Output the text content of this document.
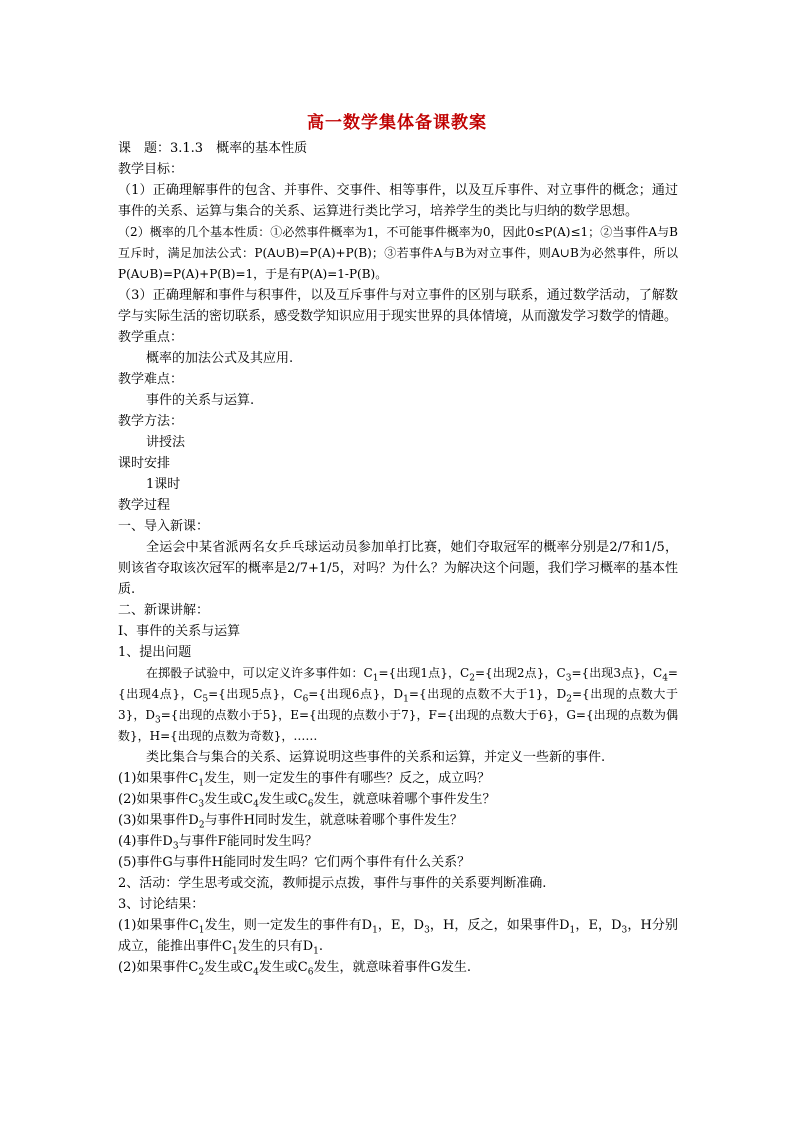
高一数学集体备课教案

课　题：3.1.3　概率的基本性质

教学目标：

（1）正确理解事件的包含、并事件、交事件、相等事件，以及互斥事件、对立事件的概念；通过事件的关系、运算与集合的关系、运算进行类比学习，培养学生的类比与归纳的数学思想。

（2）概率的几个基本性质：①必然事件概率为1，不可能事件概率为0，因此0≤P(A)≤1；②当事件A与B互斥时，满足加法公式：P(A∪B)=P(A)+P(B)；③若事件A与B为对立事件，则A∪B为必然事件，所以P(A∪B)=P(A)+P(B)=1，于是有P(A)=1-P(B)。

（3）正确理解和事件与积事件，以及互斥事件与对立事件的区别与联系，通过数学活动，了解数学与实际生活的密切联系，感受数学知识应用于现实世界的具体情境，从而激发学习数学的情趣。

教学重点：

概率的加法公式及其应用.

教学难点：

事件的关系与运算.

教学方法：

讲授法

课时安排

1课时

教学过程

一、导入新课：

全运会中某省派两名女乒乓球运动员参加单打比赛，她们夺取冠军的概率分别是2/7和1/5，则该省夺取该次冠军的概率是2/7+1/5，对吗？为什么？为解决这个问题，我们学习概率的基本性质.

二、新课讲解：

Ⅰ、事件的关系与运算

1、提出问题

在掷骰子试验中，可以定义许多事件如：$C_1=${出现1点}，$C_2=${出现2点}，$C_3=${出现3点}，$C_4=${出现4点}，$C_5=${出现5点}，$C_6=${出现6点}，$D_1=${出现的点数不大于1}，$D_2=${出现的点数大于3}，$D_3=${出现的点数小于5}，E={出现的点数小于7}，F={出现的点数大于6}，G={出现的点数为偶数}，H={出现的点数为奇数}，……

类比集合与集合的关系、运算说明这些事件的关系和运算，并定义一些新的事件.

(1)如果事件$C_1$发生，则一定发生的事件有哪些？反之，成立吗？

(2)如果事件$C_3$发生或$C_4$发生或$C_6$发生，就意味着哪个事件发生？

(3)如果事件$D_2$与事件H同时发生，就意味着哪个事件发生？

(4)事件$D_3$与事件F能同时发生吗？

(5)事件G与事件H能同时发生吗？它们两个事件有什么关系？

2、活动：学生思考或交流，教师提示点拨，事件与事件的关系要判断准确.

3、讨论结果：

(1)如果事件$C_1$发生，则一定发生的事件有$D_1$，E，$D_3$，H，反之，如果事件$D_1$，E，$D_3$，H分别成立，能推出事件$C_1$发生的只有$D_1$.

(2)如果事件$C_2$发生或$C_4$发生或$C_6$发生，就意味着事件G发生.
